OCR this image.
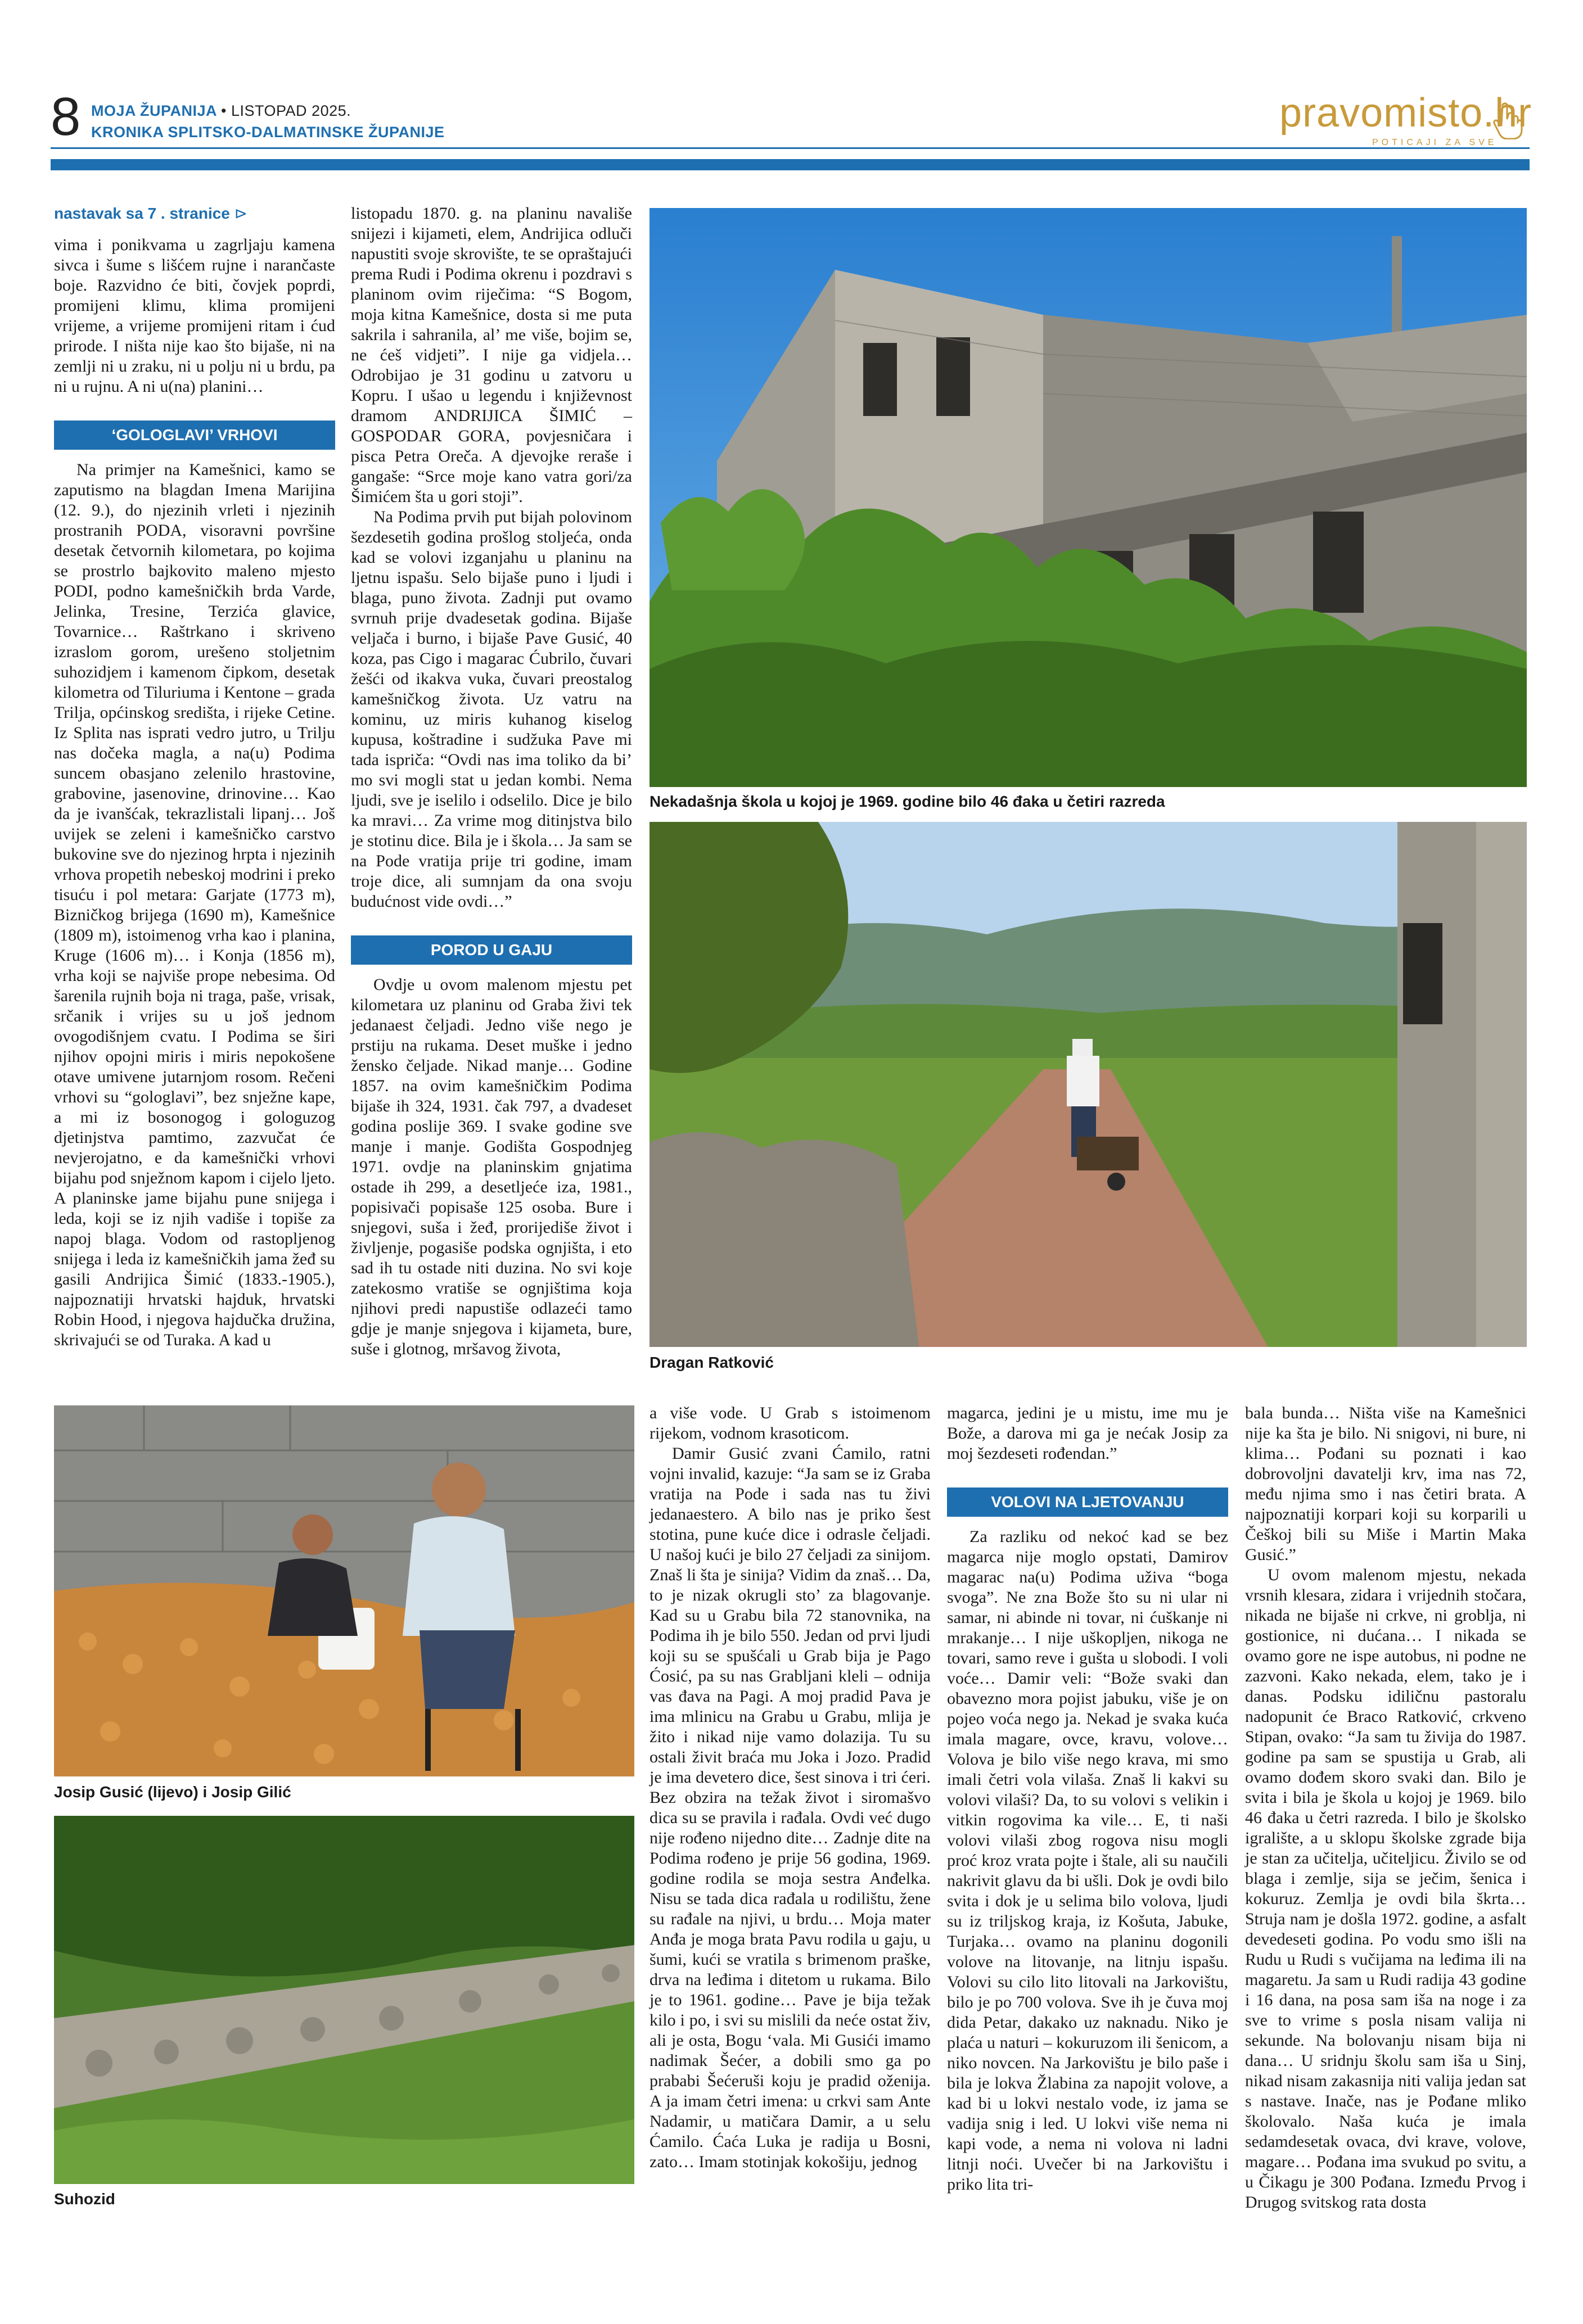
8 MOJA ŽUPANIJA • LISTOPAD 2025.
KRONIKA SPLITSKO-DALMATINSKE ŽUPANIJE	pravomisto.hr
POTICAJI ZA SVE
nastavak sa 7 . stranice ⊳

vima i ponikvama u zagrljaju kamena sivca i šume s lišćem rujne i narančaste boje. Razvidno će biti, čovjek poprdi, promijeni klimu, klima promijeni vrijeme, a vrijeme promijeni ritam i ćud prirode. I ništa nije kao što bijaše, ni na zemlji ni u zraku, ni u polju ni u brdu, pa ni u rujnu. A ni u(na) planini…

‘GOLOGLAVI’ VRHOVI

Na primjer na Kamešnici, kamo se zaputismo na blagdan Imena Marijina (12. 9.), do njezinih vrleti i njezinih prostranih PODA, visoravni površine desetak četvornih kilometara, po kojima se prostrlo bajkovito maleno mjesto PODI, podno kamešničkih brda Varde, Jelinka, Tresine, Terzića glavice, Tovarnice… Raštrkano i skriveno izraslom gorom, urešeno stoljetnim suhozidjem i kamenom čipkom, desetak kilometra od Tiluriuma i Kentone – grada Trilja, općinskog središta, i rijeke Cetine. Iz Splita nas isprati vedro jutro, u Trilju nas dočeka magla, a na(u) Podima suncem obasjano zelenilo hrastovine, grabovine, jasenovine, drinovine… Kao da je ivanšćak, tekrazlistali lipanj… Još uvijek se zeleni i kamešničko carstvo bukovine sve do njezinog hrpta i njezinih vrhova propetih nebeskoj modrini i preko tisuću i pol metara: Garjate (1773 m), Bizničkog brijega (1690 m), Kamešnice (1809 m), istoimenog vrha kao i planina, Kruge (1606 m)… i Konja (1856 m), vrha koji se najviše prope nebesima. Od šarenila rujnih boja ni traga, paše, vrisak, srčanik i vrijes su u još jednom ovogodišnjem cvatu. I Podima se širi njihov opojni miris i miris nepokošene otave umivene jutarnjom rosom. Rečeni vrhovi su “gologlavi”, bez snježne kape, a mi iz bosonogog i gologuzog djetinjstva pamtimo, zazvučat će nevjerojatno, e da kamešnički vrhovi bijahu pod snježnom kapom i cijelo ljeto. A planinske jame bijahu pune snijega i leda, koji se iz njih vadiše i topiše za napoj blaga. Vodom od rastopljenog snijega i leda iz kamešničkih jama žeđ su gasili Andrijica Šimić (1833.-1905.), najpoznatiji hrvatski hajduk, hrvatski Robin Hood, i njegova hajdučka družina, skrivajući se od Turaka. A kad u

listopadu 1870. g. na planinu navališe snijezi i kijameti, elem, Andrijica odluči napustiti svoje skrovište, te se opraštajući prema Rudi i Podima okrenu i pozdravi s planinom ovim riječima: “S Bogom, moja kitna Kamešnice, dosta si me puta sakrila i sahranila, al’ me više, bojim se, ne ćeš vidjeti”. I nije ga vidjela… Odrobijao je 31 godinu u zatvoru u Kopru. I ušao u legendu i književnost dramom ANDRIJICA ŠIMIĆ – GOSPODAR GORA, povjesničara i pisca Petra Oreča. A djevojke reraše i gangaše: “Srce moje kano vatra gori/za Šimićem šta u gori stoji”.

Na Podima prvih put bijah polovinom šezdesetih godina prošlog stoljeća, onda kad se volovi izganjahu u planinu na ljetnu ispašu. Selo bijaše puno i ljudi i blaga, puno života. Zadnji put ovamo svrnuh prije dvadesetak godina. Bijaše veljača i burno, i bijaše Pave Gusić, 40 koza, pas Cigo i magarac Ćubrilo, čuvari žešći od ikakva vuka, čuvari preostalog kamešničkog života. Uz vatru na kominu, uz miris kuhanog kiselog kupusa, koštradine i sudžuka Pave mi tada ispriča: “Ovdi nas ima toliko da bi’ mo svi mogli stat u jedan kombi. Nema ljudi, sve je iselilo i odselilo. Dice je bilo ka mravi… Za vrime mog ditinjstva bilo je stotinu dice. Bila je i škola… Ja sam se na Pode vratija prije tri godine, imam troje dice, ali sumnjam da ona svoju budućnost vide ovdi…”

POROD U GAJU

Ovdje u ovom malenom mjestu pet kilometara uz planinu od Graba živi tek jedanaest čeljadi. Jedno više nego je prstiju na rukama. Deset muške i jedno žensko čeljade. Nikad manje… Godine 1857. na ovim kamešničkim Podima bijaše ih 324, 1931. čak 797, a dvadeset godina poslije 369. I svake godine sve manje i manje. Godišta Gospodnjeg 1971. ovdje na planinskim gnjatima ostade ih 299, a desetljeće iza, 1981., popisivači popisaše 125 osoba. Bure i snjegovi, suša i žeđ, prorijediše život i življenje, pogasiše podska ognjišta, i eto sad ih tu ostade niti duzina. No svi koje zatekosmo vratiše se ognjištima koja njihovi predi napustiše odlazeći tamo gdje je manje snjegova i kijameta, bure, suše i glotnog, mršavog života,

Nekadašnja škola u kojoj je 1969. godine bilo 46 đaka u četiri razreda
Dragan Ratković
Josip Gusić (lijevo) i Josip Gilić
Suhozid

a više vode. U Grab s istoimenom rijekom, vodnom krasoticom.

Damir Gusić zvani Ćamilo, ratni vojni invalid, kazuje: “Ja sam se iz Graba vratija na Pode i sada nas tu živi jedanaestero. A bilo nas je priko šest stotina, pune kuće dice i odrasle čeljadi. U našoj kući je bilo 27 čeljadi za sinijom. Znaš li šta je sinija? Vidim da znaš… Da, to je nizak okrugli sto’ za blagovanje. Kad su u Grabu bila 72 stanovnika, na Podima ih je bilo 550. Jedan od prvi ljudi koji su se spušćali u Grab bija je Pago Ćosić, pa su nas Grabljani kleli – odnija vas đava na Pagi. A moj pradid Pava je ima mlinicu na Grabu u Grabu, mlija je žito i nikad nije vamo dolazija. Tu su ostali živit braća mu Joka i Jozo. Pradid je ima devetero dice, šest sinova i tri ćeri. Bez obzira na težak život i siromašvo dica su se pravila i rađala. Ovdi već dugo nije rođeno nijedno dite… Zadnje dite na Podima rođeno je prije 56 godina, 1969. godine rodila se moja sestra Anđelka. Nisu se tada dica rađala u rodilištu, žene su rađale na njivi, u brdu… Moja mater Anđa je moga brata Pavu rodila u gaju, u šumi, kući se vratila s brimenom praške, drva na leđima i ditetom u rukama. Bilo je to 1961. godine… Pave je bija težak kilo i po, i svi su mislili da neće ostat živ, ali je osta, Bogu ‘vala. Mi Gusići imamo nadimak Šećer, a dobili smo ga po prababi Šećeruši koju je pradid oženija. A ja imam četri imena: u crkvi sam Ante Nadamir, u matičara Damir, a u selu Ćamilo. Ćaća Luka je radija u Bosni, zato… Imam stotinjak kokošiju, jednog

magarca, jedini je u mistu, ime mu je Bože, a darova mi ga je nećak Josip za moj šezdeseti rođendan.”

VOLOVI NA LJETOVANJU

Za razliku od nekoć kad se bez magarca nije moglo opstati, Damirov magarac na(u) Podima uživa “boga svoga”. Ne zna Bože što su ni ular ni samar, ni abinde ni tovar, ni ćuškanje ni mrakanje… I nije uškopljen, nikoga ne tovari, samo reve i gušta u slobodi. I voli voće… Damir veli: “Bože svaki dan obavezno mora pojist jabuku, više je on pojeo voća nego ja. Nekad je svaka kuća imala magare, ovce, kravu, volove… Volova je bilo više nego krava, mi smo imali četri vola vilaša. Znaš li kakvi su volovi vilaši? Da, to su volovi s velikin i vitkin rogovima ka vile… E, ti naši volovi vilaši zbog rogova nisu mogli proć kroz vrata pojte i štale, ali su naučili nakrivit glavu da bi ušli. Dok je ovdi bilo svita i dok je u selima bilo volova, ljudi su iz triljskog kraja, iz Košuta, Jabuke, Turjaka… ovamo na planinu dogonili volove na litovanje, na litnju ispašu. Volovi su cilo lito litovali na Jarkovištu, bilo je po 700 volova. Sve ih je čuva moj dida Petar, dakako uz naknadu. Niko je plaća u naturi – kokuruzom ili šenicom, a niko novcen. Na Jarkovištu je bilo paše i bila je lokva Žlabina za napojit volove, a kad bi u lokvi nestalo vode, iz jama se vadija snig i led. U lokvi više nema ni kapi vode, a nema ni volova ni ladni litnji noći. Uvečer bi na Jarkovištu i priko lita tri-

bala bunda… Ništa više na Kamešnici nije ka šta je bilo. Ni snigovi, ni bure, ni klima… Pođani su poznati i kao dobrovoljni davatelji krv, ima nas 72, među njima smo i nas četiri brata. A najpoznatiji korpari koji su korparili u Češkoj bili su Miše i Martin Maka Gusić.”

U ovom malenom mjestu, nekada vrsnih klesara, zidara i vrijednih stočara, nikada ne bijaše ni crkve, ni groblja, ni gostionice, ni dućana… I nikada se ovamo gore ne ispe autobus, ni podne ne zazvoni. Kako nekada, elem, tako je i danas. Podsku idiličnu pastoralu nadopunit će Braco Ratković, crkveno Stipan, ovako: “Ja sam tu živija do 1987. godine pa sam se spustija u Grab, ali ovamo dođem skoro svaki dan. Bilo je svita i bila je škola u kojoj je 1969. bilo 46 đaka u četri razreda. I bilo je školsko igralište, a u sklopu školske zgrade bija je stan za učitelja, učiteljicu. Živilo se od blaga i zemlje, sija se ječim, šenica i kokuruz. Zemlja je ovdi bila škrta… Struja nam je došla 1972. godine, a asfalt devedeseti godina. Po vodu smo išli na Rudu u Rudi s vučijama na leđima ili na magaretu. Ja sam u Rudi radija 43 godine i 16 dana, na posa sam iša na noge i za sve to vrime s posla nisam valija ni sekunde. Na bolovanju nisam bija ni dana… U sridnju školu sam iša u Sinj, nikad nisam zakasnija niti valija jedan sat s nastave. Inače, nas je Pođane mliko školovalo. Naša kuća je imala sedamdesetak ovaca, dvi krave, volove, magare… Pođana ima svukud po svitu, a u Čikagu je 300 Pođana. Između Prvog i Drugog svitskog rata dosta
